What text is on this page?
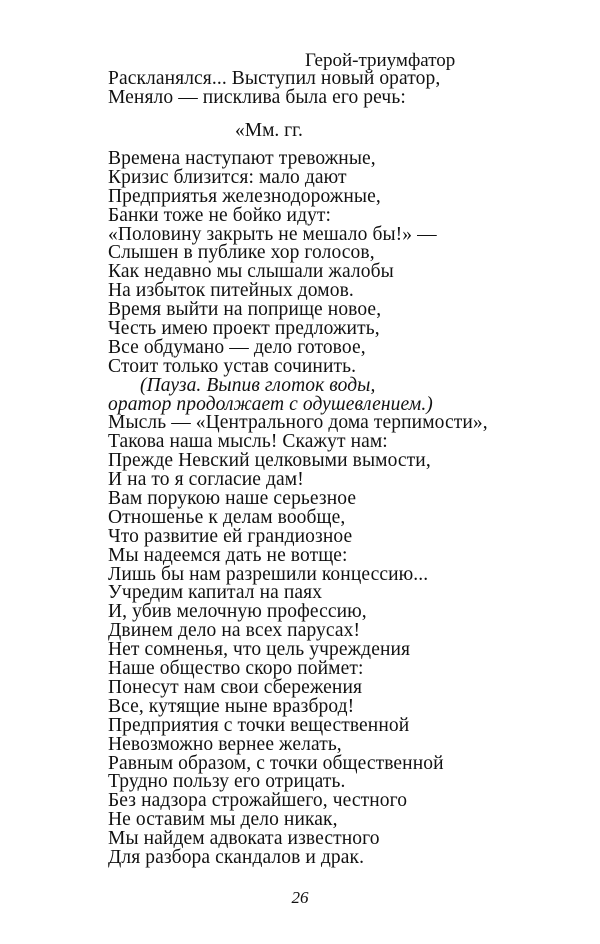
Герой-триумфатор
Раскланялся... Выступил новый оратор,
Меняло — писклива была его речь:
«Мм. гг.
Времена наступают тревожные,
Кризис близится: мало дают
Предприятья железнодорожные,
Банки тоже не бойко идут:
«Половину закрыть не мешало бы!» —
Слышен в публике хор голосов,
Как недавно мы слышали жалобы
На избыток питейных домов.
Время выйти на поприще новое,
Честь имею проект предложить,
Все обдумано — дело готовое,
Стоит только устав сочинить.
(Пауза. Выпив глоток воды,
оратор продолжает с одушевлением.)
Мысль — «Центрального дома терпимости»,
Такова наша мысль! Скажут нам:
Прежде Невский целковыми вымости,
И на то я согласие дам!
Вам порукою наше серьезное
Отношенье к делам вообще,
Что развитие ей грандиозное
Мы надеемся дать не вотще:
Лишь бы нам разрешили концессию...
Учредим капитал на паях
И, убив мелочную профессию,
Двинем дело на всех парусах!
Нет сомненья, что цель учреждения
Наше общество скоро поймет:
Понесут нам свои сбережения
Все, кутящие ныне вразброд!
Предприятия с точки вещественной
Невозможно вернее желать,
Равным образом, с точки общественной
Трудно пользу его отрицать.
Без надзора строжайшего, честного
Не оставим мы дело никак,
Мы найдем адвоката известного
Для разбора скандалов и драк.
26
